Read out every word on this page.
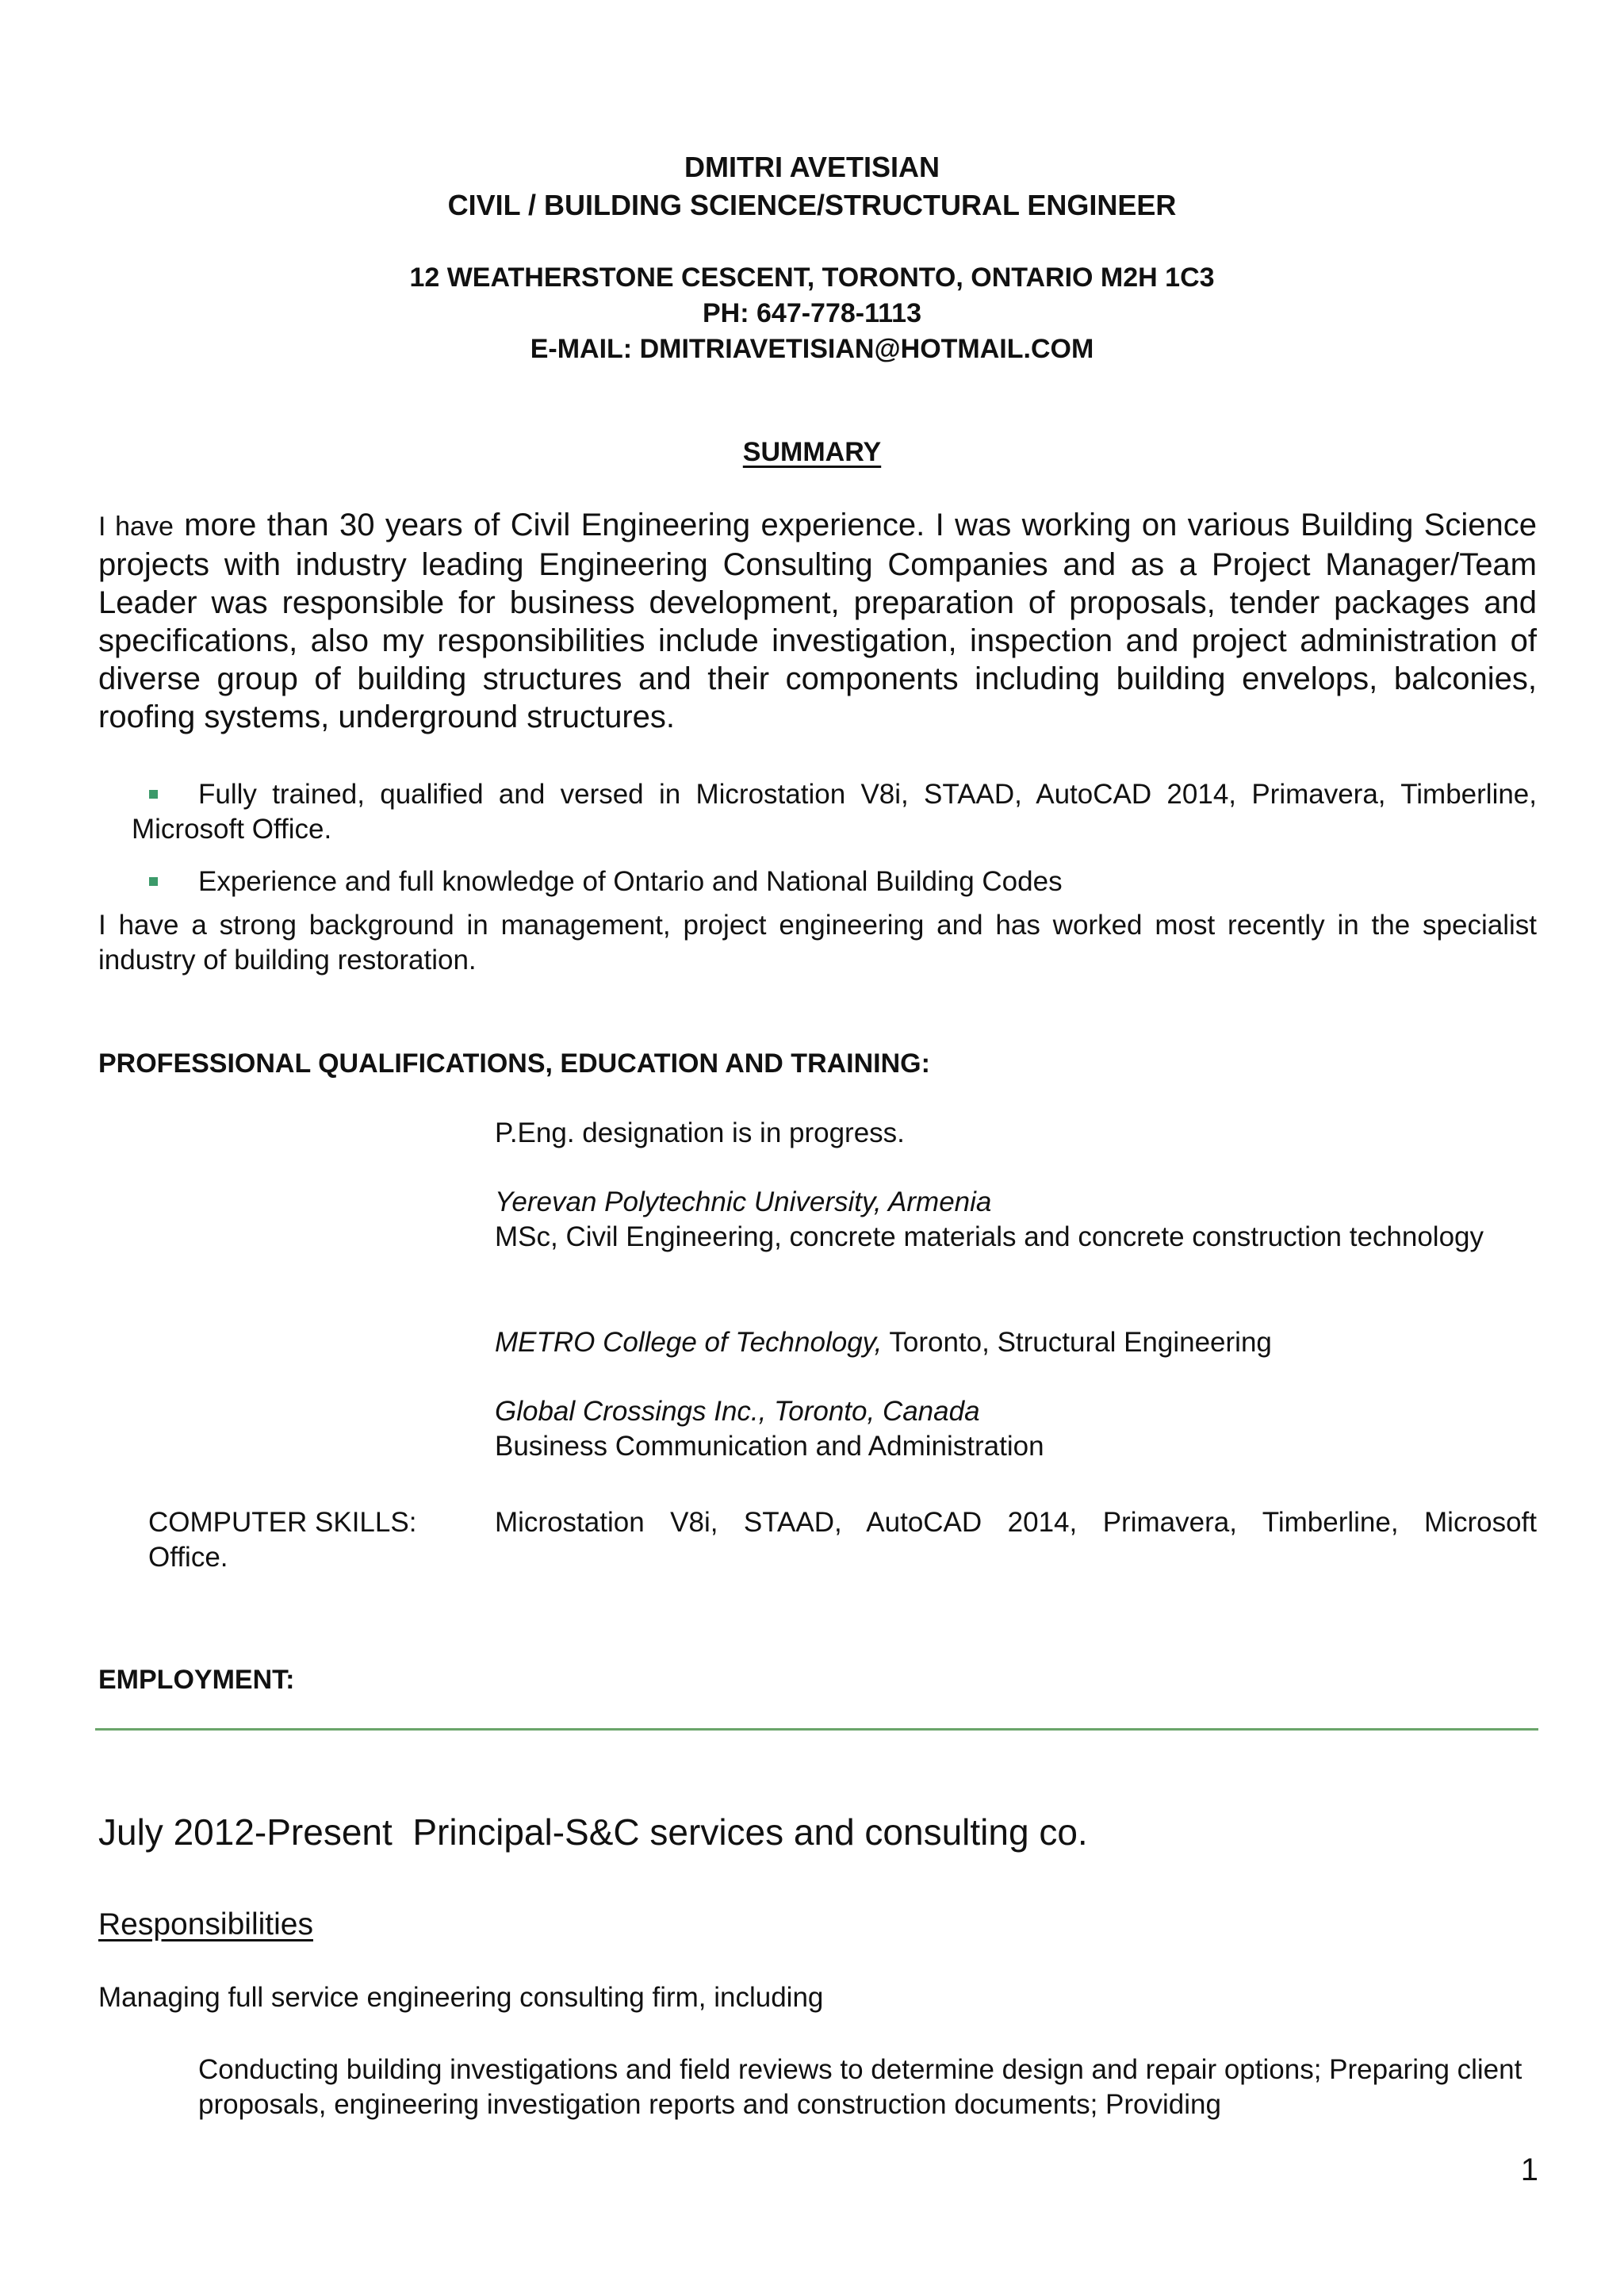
DMITRI AVETISIAN
CIVIL / BUILDING SCIENCE/STRUCTURAL ENGINEER
12 WEATHERSTONE CESCENT, TORONTO, ONTARIO M2H 1C3
PH: 647-778-1113
E-MAIL: DMITRIAVETISIAN@HOTMAIL.COM
SUMMARY
I have more than 30 years of Civil Engineering experience. I was working on various Building Science projects with industry leading Engineering Consulting Companies and as a Project Manager/Team Leader was responsible for business development, preparation of proposals, tender packages and specifications, also my responsibilities include investigation, inspection and project administration of diverse group of building structures and their components including building envelops, balconies, roofing systems, underground structures.
Fully trained, qualified and versed in Microstation V8i, STAAD, AutoCAD 2014, Primavera, Timberline, Microsoft Office.
Experience and full knowledge of Ontario and National Building Codes
I have a strong background in management, project engineering and has worked most recently in the specialist industry of building restoration.
PROFESSIONAL QUALIFICATIONS, EDUCATION AND TRAINING:
P.Eng. designation is in progress.
Yerevan Polytechnic University, Armenia
MSc, Civil Engineering, concrete materials and concrete construction technology
METRO College of Technology, Toronto, Structural Engineering
Global Crossings Inc., Toronto, Canada
Business Communication and Administration
COMPUTER SKILLS: Office.
Microstation V8i, STAAD, AutoCAD 2014, Primavera, Timberline, Microsoft
EMPLOYMENT:
July 2012-Present  Principal-S&C services and consulting co.
Responsibilities
Managing full service engineering consulting firm, including
Conducting building investigations and field reviews to determine design and repair options; Preparing client proposals, engineering investigation reports and construction documents; Providing
1
